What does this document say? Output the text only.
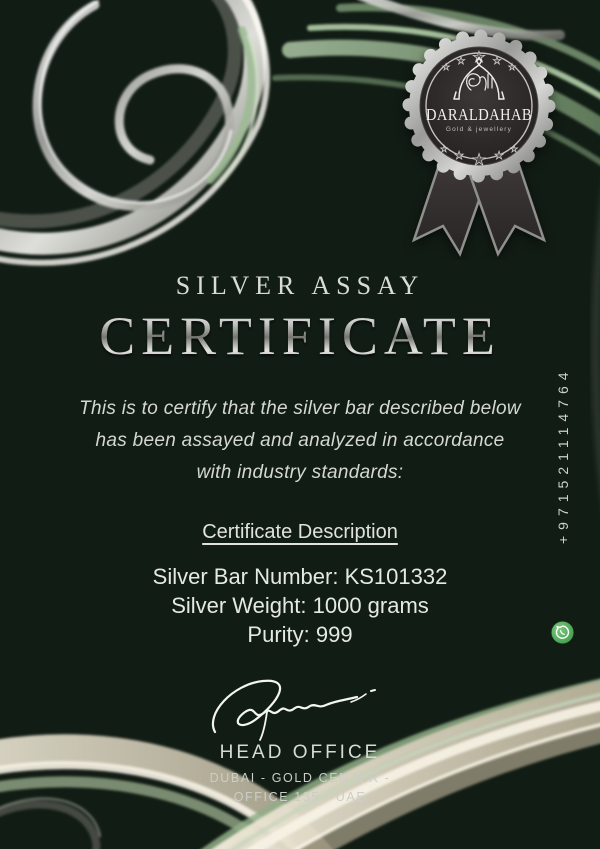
★
★	★
★	★
DARALDAHAB
Gold & jewellery
★
★	★
★	★
SILVER ASSAY
CERTIFICATE
This is to certify that the silver bar described below
has been assayed and analyzed in accordance
with industry standards:
Certificate Description
Silver Bar Number: KS101332
Silver Weight: 1000 grams
Purity: 999
HEAD OFFICE
DUBAI - GOLD CENTER -
OFFICE 135 - UAE
+971521114764
